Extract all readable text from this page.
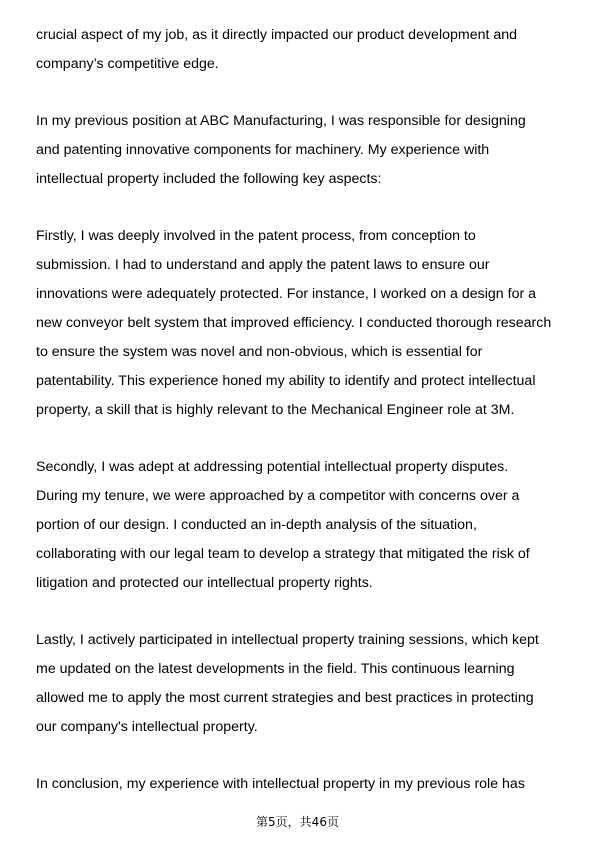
crucial aspect of my job, as it directly impacted our product development and
company’s competitive edge.
In my previous position at ABC Manufacturing, I was responsible for designing
and patenting innovative components for machinery. My experience with
intellectual property included the following key aspects:
Firstly, I was deeply involved in the patent process, from conception to
submission. I had to understand and apply the patent laws to ensure our
innovations were adequately protected. For instance, I worked on a design for a
new conveyor belt system that improved efficiency. I conducted thorough research
to ensure the system was novel and non-obvious, which is essential for
patentability. This experience honed my ability to identify and protect intellectual
property, a skill that is highly relevant to the Mechanical Engineer role at 3M.
Secondly, I was adept at addressing potential intellectual property disputes.
During my tenure, we were approached by a competitor with concerns over a
portion of our design. I conducted an in-depth analysis of the situation,
collaborating with our legal team to develop a strategy that mitigated the risk of
litigation and protected our intellectual property rights.
Lastly, I actively participated in intellectual property training sessions, which kept
me updated on the latest developments in the field. This continuous learning
allowed me to apply the most current strategies and best practices in protecting
our company's intellectual property.
In conclusion, my experience with intellectual property in my previous role has
第5页，共46页
